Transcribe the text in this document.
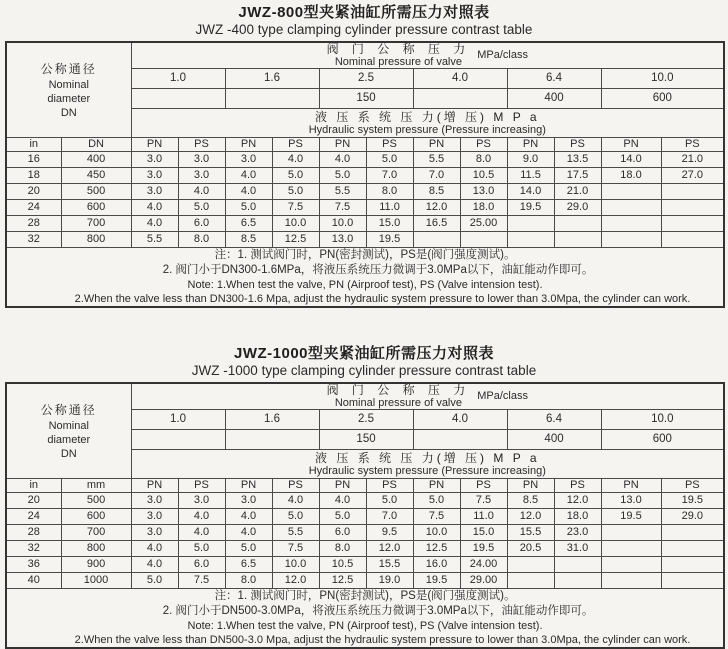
JWZ-800型夹紧油缸所需压力对照表
JWZ -400 type clamping cylinder pressure contrast table
公称通径
Nominal
diameter
DN

阀 门 公 称 压 力
Nominal pressure of valve
MPa/class

		1.0		1.6		2.5		4.0		6.4		10.0	
						150				400		600	

		液 压 系 统 压 力(增 压) M P a
Hydraulic system pressure (Pressure increasing)											

in	DN	PN	PS	PN	PS	PN	PS	PN	PS	PN	PS	PN	PS
16	400	3.0	3.0	3.0	4.0	4.0	5.0	5.5	8.0	9.0	13.5	14.0	21.0
18	450	3.0	3.0	4.0	5.0	5.0	7.0	7.0	10.5	11.5	17.5	18.0	27.0
20	500	3.0	4.0	4.0	5.0	5.5	8.0	8.5	13.0	14.0	21.0		
24	600	4.0	5.0	5.0	7.5	7.5	11.0	12.0	18.0	19.5	29.0		
28	700	4.0	6.0	6.5	10.0	10.0	15.0	16.5	25.00				
32	800	5.5	8.0	8.5	12.5	13.0	19.5						

注：1. 测试阀门时，PN(密封测试)，PS是(阀门强度测试)。
2. 阀门小于DN300-1.6MPa，将液压系统压力微调于3.0MPa以下，油缸能动作即可。
Note: 1.When test the valve, PN (Airproof test), PS (Valve intension test).
2.When the valve less than DN300-1.6 Mpa, adjust the hydraulic system pressure to lower than 3.0Mpa, the cylinder can work.													
JWZ-1000型夹紧油缸所需压力对照表
JWZ -1000 type clamping cylinder pressure contrast table
公称通径
Nominal
diameter
DN

阀 门 公 称 压 力
Nominal pressure of valve
MPa/class

		1.0		1.6		2.5		4.0		6.4		10.0	
						150				400		600	

		液 压 系 统 压 力(增 压) M P a
Hydraulic system pressure (Pressure increasing)											

in	mm	PN	PS	PN	PS	PN	PS	PN	PS	PN	PS	PN	PS
20	500	3.0	3.0	3.0	4.0	4.0	5.0	5.0	7.5	8.5	12.0	13.0	19.5
24	600	3.0	4.0	4.0	5.0	5.0	7.0	7.5	11.0	12.0	18.0	19.5	29.0
28	700	3.0	4.0	4.0	5.5	6.0	9.5	10.0	15.0	15.5	23.0		
32	800	4.0	5.0	5.0	7.5	8.0	12.0	12.5	19.5	20.5	31.0		
36	900	4.0	6.0	6.5	10.0	10.5	15.5	16.0	24.00				
40	1000	5.0	7.5	8.0	12.0	12.5	19.0	19.5	29.00				

注：1. 测试阀门时，PN(密封测试)，PS是(阀门强度测试)。
2. 阀门小于DN500-3.0MPa，将液压系统压力微调于3.0MPa以下，油缸能动作即可。
Note: 1.When test the valve, PN (Airproof test), PS (Valve intension test).
2.When the valve less than DN500-3.0 Mpa, adjust the hydraulic system pressure to lower than 3.0Mpa, the cylinder can work.													
